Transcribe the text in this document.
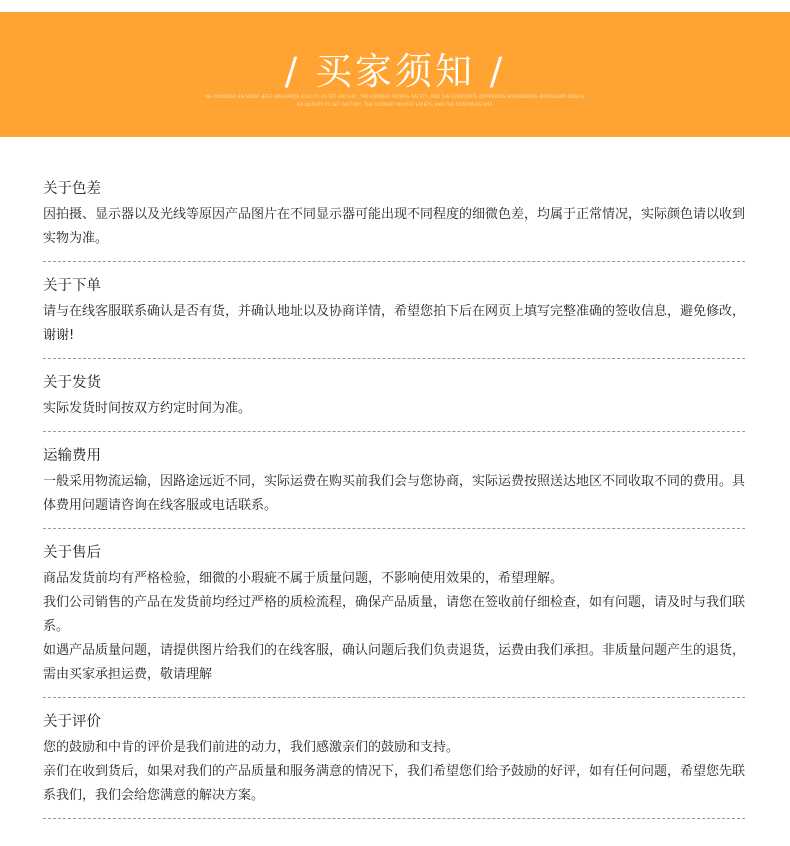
/ 买家须知 /
WE CONSIDER AN ABOUT BEST INSURANCE QUALITY TO SET FACTORY, THE CURRENT PRIVATE SAFETY, AND THE CORPORATE DIFFERENCE ENGINEERING INCATEGORY DESIGN
OR QUALITY TO SET FACTORY, THE CURRENT PRIVATE SAFETY, AND THE CORPORATE DIFF
关于色差

因拍摄、显示器以及光线等原因产品图片在不同显示器可能出现不同程度的细微色差，均属于正常情况，实际颜色请以收到实物为准。

关于下单

请与在线客服联系确认是否有货，并确认地址以及协商详情，希望您拍下后在网页上填写完整准确的签收信息，避免修改，谢谢!

关于发货

实际发货时间按双方约定时间为准。

运输费用

一般采用物流运输，因路途远近不同，实际运费在购买前我们会与您协商，实际运费按照送达地区不同收取不同的费用。具体费用问题请咨询在线客服或电话联系。

关于售后

商品发货前均有严格检验，细微的小瑕疵不属于质量问题，不影响使用效果的，希望理解。

我们公司销售的产品在发货前均经过严格的质检流程，确保产品质量，请您在签收前仔细检查，如有问题，请及时与我们联系。

如遇产品质量问题，请提供图片给我们的在线客服，确认问题后我们负责退货，运费由我们承担。非质量问题产生的退货，需由买家承担运费，敬请理解

关于评价

您的鼓励和中肯的评价是我们前进的动力，我们感激亲们的鼓励和支持。

亲们在收到货后，如果对我们的产品质量和服务满意的情况下，我们希望您们给予鼓励的好评，如有任何问题，希望您先联系我们，我们会给您满意的解决方案。
